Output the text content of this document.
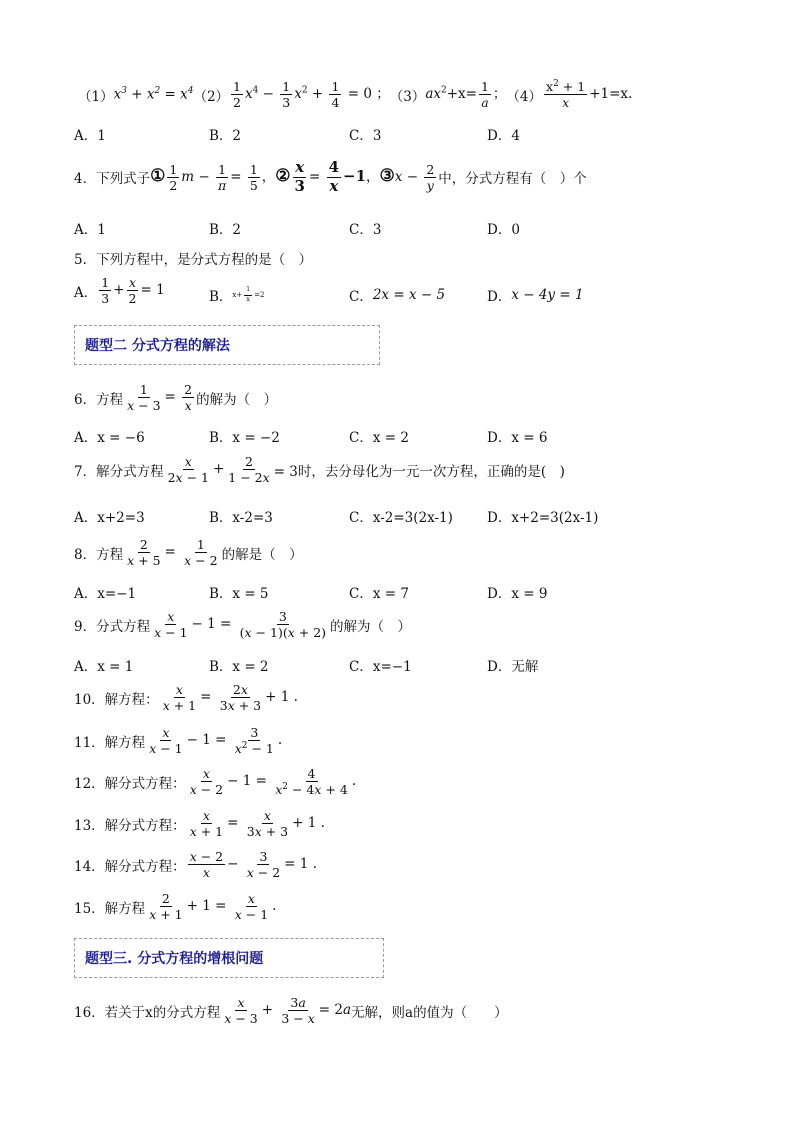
（1） $x^3 + x^2 = x^4$ $(2) \frac{1}{2} x^4 - \frac{1}{3} x^2 + \frac{1}{4} = 0$ ； （3） $ax^2+x= \frac{1}{a}$ ； $(4) \frac{x^2 + 1}{x} +1=x$.
A．1	B．2	C．3	D．4
4．下列式子 ① $\frac{1}{2}$ $m - \frac{1}{\pi} = \frac{1}{5}$ ， ② $\frac{x}{3} = \frac{4}{x} -1$， ③x − $\frac{2}{y}$ 中，分式方程有（　）个
A．1	B．2	C．3	D．0
5．下列方程中，是分式方程的是（　）
A． $\frac{1}{3} + \frac{x}{2} = 1$	B． $x+ \frac{1}{x} =2$	C． 2x = x − 5	D． x − 4y = 1
题型二 分式方程的解法
6．方程 $\frac{1}{x - 3} = \frac{2}{x}$ 的解为（　）
A．x = −6	B．x = −2	C．x = 2	D．x = 6
7．解分式方程 $\frac{x}{2x - 1} + \frac{2}{1 - 2x} = 3$时，去分母化为一元一次方程，正确的是(　)
A．x+2=3	B．x-2=3	C．x-2=3(2x-1)	D．x+2=3(2x-1)
8．方程 $\frac{2}{x + 5} = \frac{1}{x - 2}$ 的解是（　）
A．x=−1	B．x = 5	C．x = 7	D．x = 9
9．分式方程 $\frac{x}{x - 1} - 1 = \frac{3}{(x - 1)(x + 2)}$ 的解为（　）
A．x = 1	B．x = 2	C．x=−1	D．无解
10．解方程： $\frac{x}{x + 1} = \frac{2x}{3x + 3} + 1$ .
11．解方程 $\frac{x}{x - 1} - 1 = \frac{3}{x^2 - 1}$ .
12．解分式方程： $\frac{x}{x - 2} - 1 = \frac{4}{x^2 - 4x + 4}$ .
13．解分式方程： $\frac{x}{x + 1} = \frac{x}{3x + 3} + 1$ .
14．解分式方程： $\frac{x - 2}{x} - \frac{3}{x - 2} = 1$ .
15．解方程 $\frac{2}{x + 1} + 1 = \frac{x}{x - 1}$ .
题型三. 分式方程的增根问题
16．若关于x的分式方程 $\frac{x}{x - 3} + \frac{3a}{3 - x} = 2a$ 无解，则a的值为（　　）
